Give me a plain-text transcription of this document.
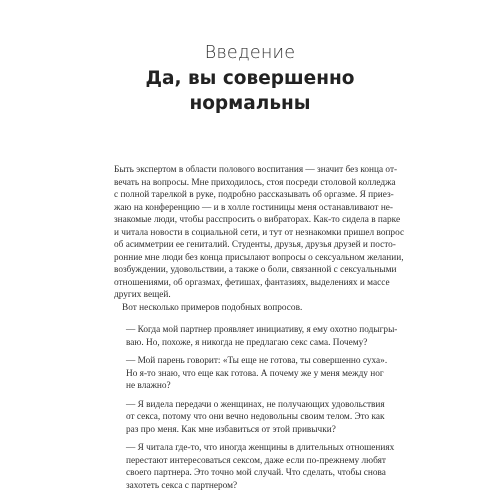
Введение
Да, вы совершенно
нормальны
Быть экспертом в области полового воспитания — значит без конца от-
вечать на вопросы. Мне приходилось, стоя посреди столовой колледжа
с полной тарелкой в руке, подробно рассказывать об оргазме. Я приез-
жаю на конференцию — и в холле гостиницы меня останавливают не-
знакомые люди, чтобы расспросить о вибраторах. Как-то сидела в парке
и читала новости в социальной сети, и тут от незнакомки пришел вопрос
об асимметрии ее гениталий. Студенты, друзья, друзья друзей и посто-
ронние мне люди без конца присылают вопросы о сексуальном желании,
возбуждении, удовольствии, а также о боли, связанной с сексуальными
отношениями, об оргазмах, фетишах, фантазиях, выделениях и массе
других вещей.
Вот несколько примеров подобных вопросов.
— Когда мой партнер проявляет инициативу, я ему охотно подыгры-
ваю. Но, похоже, я никогда не предлагаю секс сама. Почему?
— Мой парень говорит: «Ты еще не готова, ты совершенно суха».
Но я-то знаю, что еще как готова. А почему же у меня между ног
не влажно?
— Я видела передачи о женщинах, не получающих удовольствия
от секса, потому что они вечно недовольны своим телом. Это как
раз про меня. Как мне избавиться от этой привычки?
— Я читала где-то, что иногда женщины в длительных отношениях
перестают интересоваться сексом, даже если по-прежнему любят
своего партнера. Это точно мой случай. Что сделать, чтобы снова
захотеть секса с партнером?
